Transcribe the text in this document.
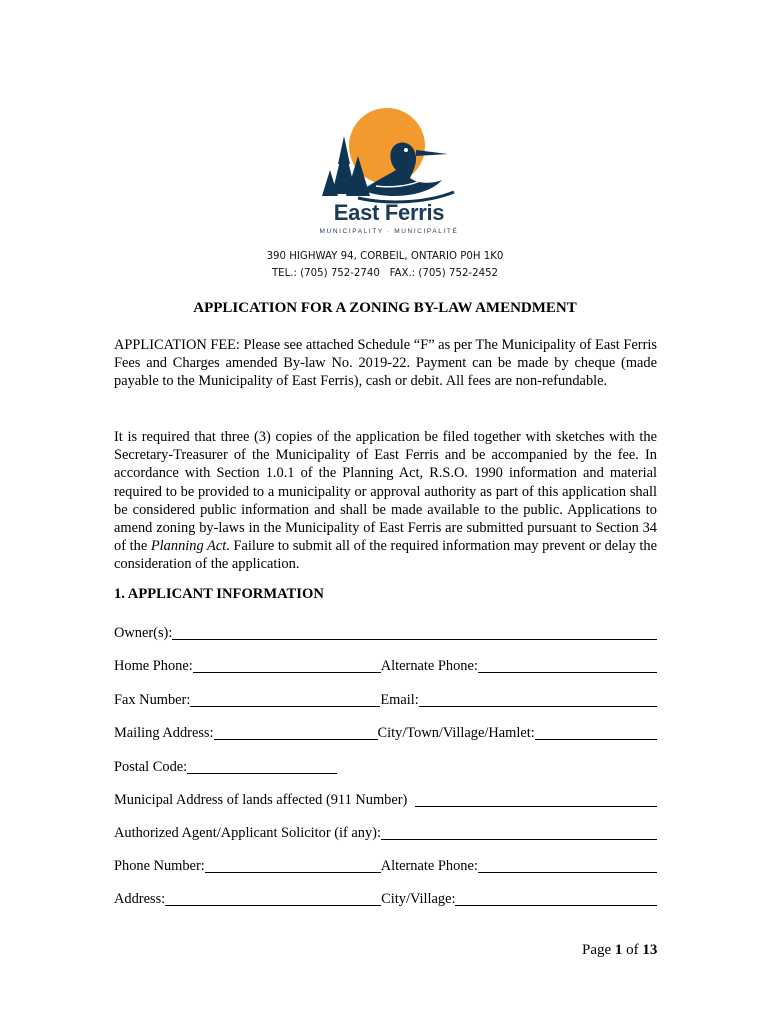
East Ferris
MUNICIPALITY · MUNICIPALITÉ
390 HIGHWAY 94, CORBEIL, ONTARIO P0H 1K0
TEL.: (705) 752-2740   FAX.: (705) 752-2452
APPLICATION FOR A ZONING BY-LAW AMENDMENT

APPLICATION FEE: Please see attached Schedule “F” as per The Municipality of East Ferris Fees and Charges amended By-law No. 2019-22. Payment can be made by cheque (made payable to the Municipality of East Ferris), cash or debit. All fees are non-refundable.

It is required that three (3) copies of the application be filed together with sketches with the Secretary-Treasurer of the Municipality of East Ferris and be accompanied by the fee. In accordance with Section 1.0.1 of the Planning Act, R.S.O. 1990 information and material required to be provided to a municipality or approval authority as part of this application shall be considered public information and shall be made available to the public. Applications to amend zoning by-laws in the Municipality of East Ferris are submitted pursuant to Section 34 of the Planning Act. Failure to submit all of the required information may prevent or delay the consideration of the application.

1. APPLICANT INFORMATION
Owner(s):
Home Phone:	Alternate Phone:
Fax Number:	Email:
Mailing Address:	City/Town/Village/Hamlet:
Postal Code:
Municipal Address of lands affected (911 Number)
Authorized Agent/Applicant Solicitor (if any):
Phone Number:	Alternate Phone:
Address:	City/Village:
Page 1 of 13
